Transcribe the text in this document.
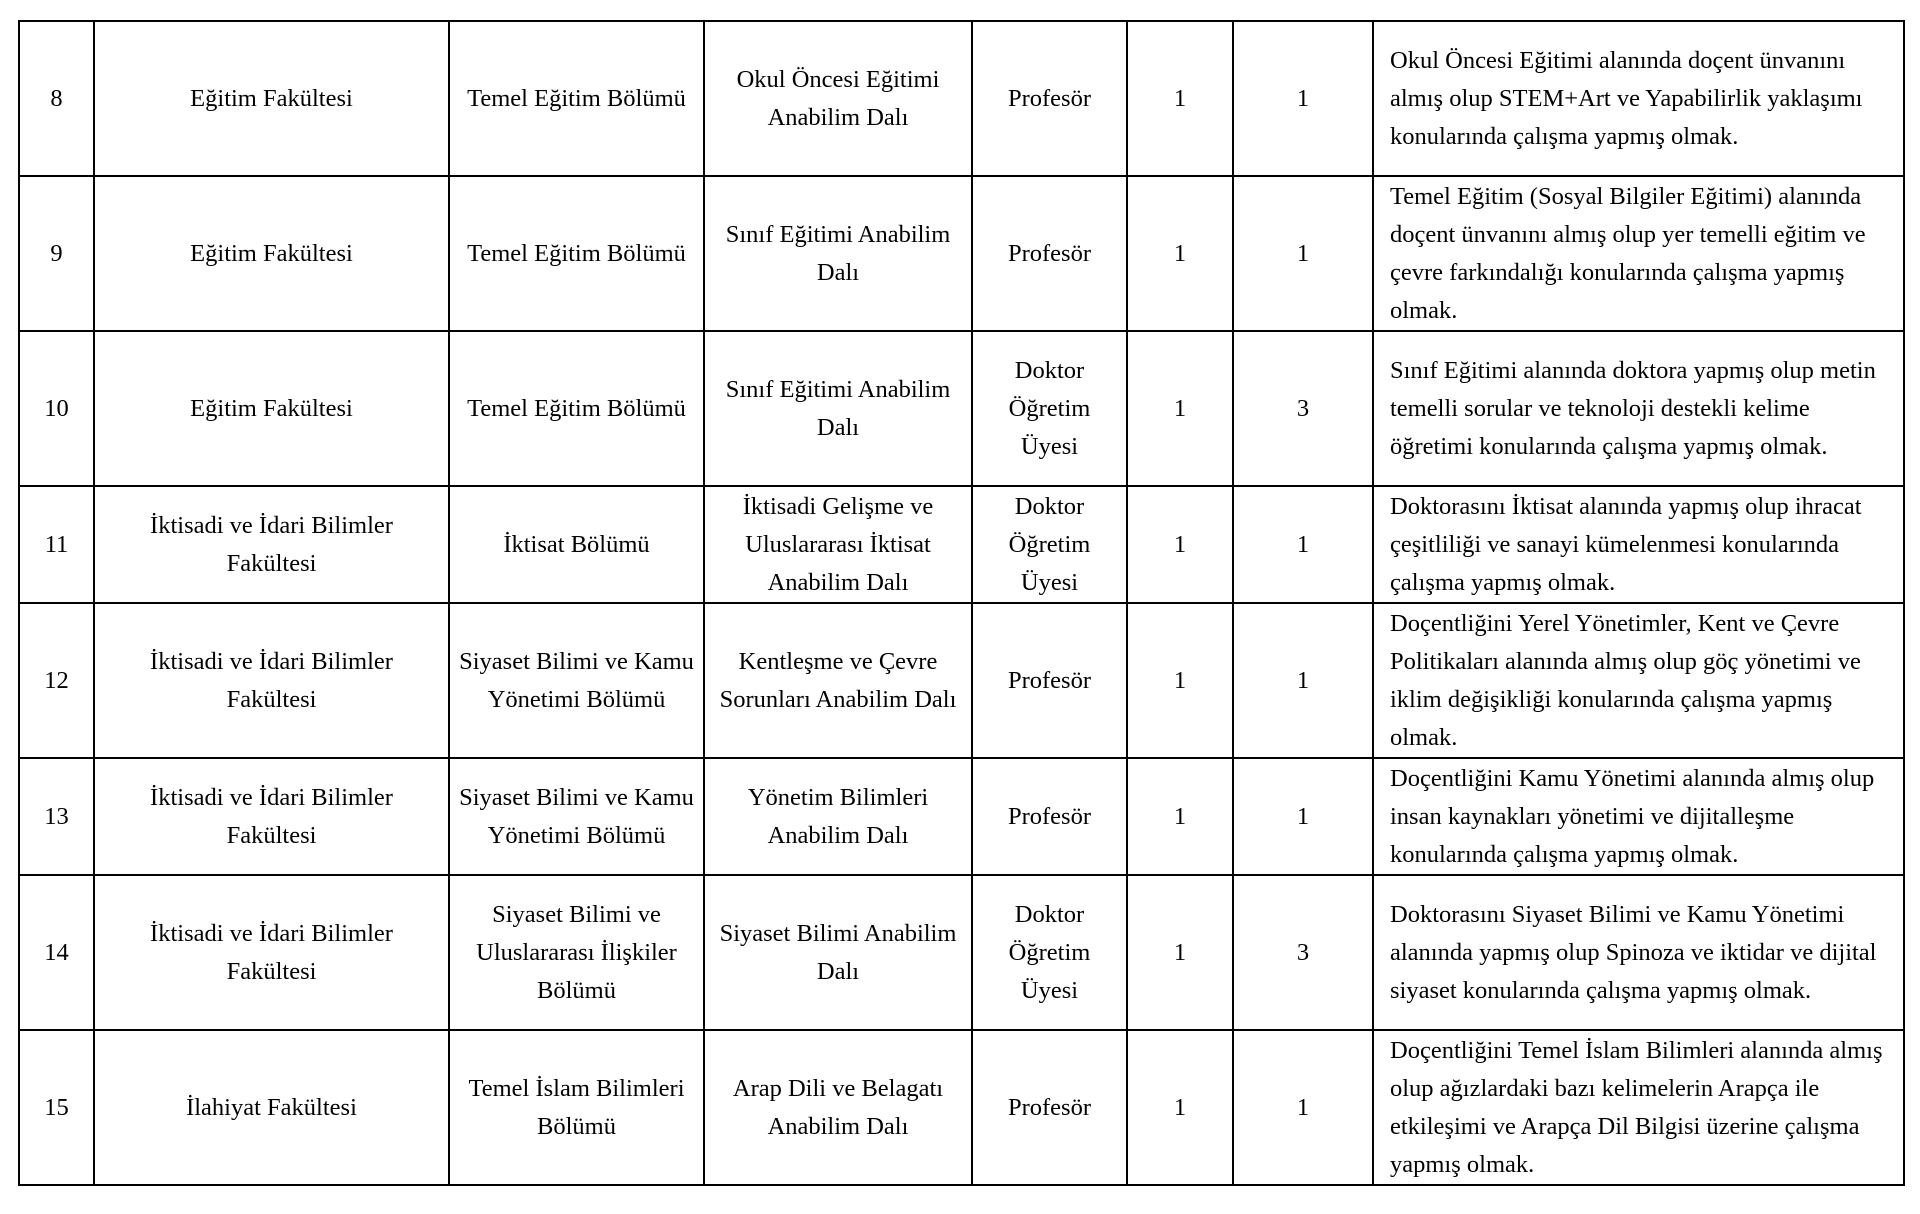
8	Eğitim Fakültesi	Temel Eğitim Bölümü	Okul Öncesi Eğitimi Anabilim Dalı	Profesör	1	1	Okul Öncesi Eğitimi alanında doçent ünvanını almış olup STEM+Art ve Yapabilirlik yaklaşımı konularında çalışma yapmış olmak.
9	Eğitim Fakültesi	Temel Eğitim Bölümü	Sınıf Eğitimi Anabilim Dalı	Profesör	1	1	Temel Eğitim (Sosyal Bilgiler Eğitimi) alanında doçent ünvanını almış olup yer temelli eğitim ve çevre farkındalığı konularında çalışma yapmış olmak.
10	Eğitim Fakültesi	Temel Eğitim Bölümü	Sınıf Eğitimi Anabilim Dalı	Doktor Öğretim Üyesi	1	3	Sınıf Eğitimi alanında doktora yapmış olup metin temelli sorular ve teknoloji destekli kelime öğretimi konularında çalışma yapmış olmak.
11	İktisadi ve İdari Bilimler Fakültesi	İktisat Bölümü	İktisadi Gelişme ve Uluslararası İktisat Anabilim Dalı	Doktor Öğretim Üyesi	1	1	Doktorasını İktisat alanında yapmış olup ihracat çeşitliliği ve sanayi kümelenmesi konularında çalışma yapmış olmak.
12	İktisadi ve İdari Bilimler Fakültesi	Siyaset Bilimi ve Kamu Yönetimi Bölümü	Kentleşme ve Çevre Sorunları Anabilim Dalı	Profesör	1	1	Doçentliğini Yerel Yönetimler, Kent ve Çevre Politikaları alanında almış olup göç yönetimi ve iklim değişikliği konularında çalışma yapmış olmak.
13	İktisadi ve İdari Bilimler Fakültesi	Siyaset Bilimi ve Kamu Yönetimi Bölümü	Yönetim Bilimleri Anabilim Dalı	Profesör	1	1	Doçentliğini Kamu Yönetimi alanında almış olup insan kaynakları yönetimi ve dijitalleşme konularında çalışma yapmış olmak.
14	İktisadi ve İdari Bilimler Fakültesi	Siyaset Bilimi ve Uluslararası İlişkiler Bölümü	Siyaset Bilimi Anabilim Dalı	Doktor Öğretim Üyesi	1	3	Doktorasını Siyaset Bilimi ve Kamu Yönetimi alanında yapmış olup Spinoza ve iktidar ve dijital siyaset konularında çalışma yapmış olmak.
15	İlahiyat Fakültesi	Temel İslam Bilimleri Bölümü	Arap Dili ve Belagatı Anabilim Dalı	Profesör	1	1	Doçentliğini Temel İslam Bilimleri alanında almış olup ağızlardaki bazı kelimelerin Arapça ile etkileşimi ve Arapça Dil Bilgisi üzerine çalışma yapmış olmak.
